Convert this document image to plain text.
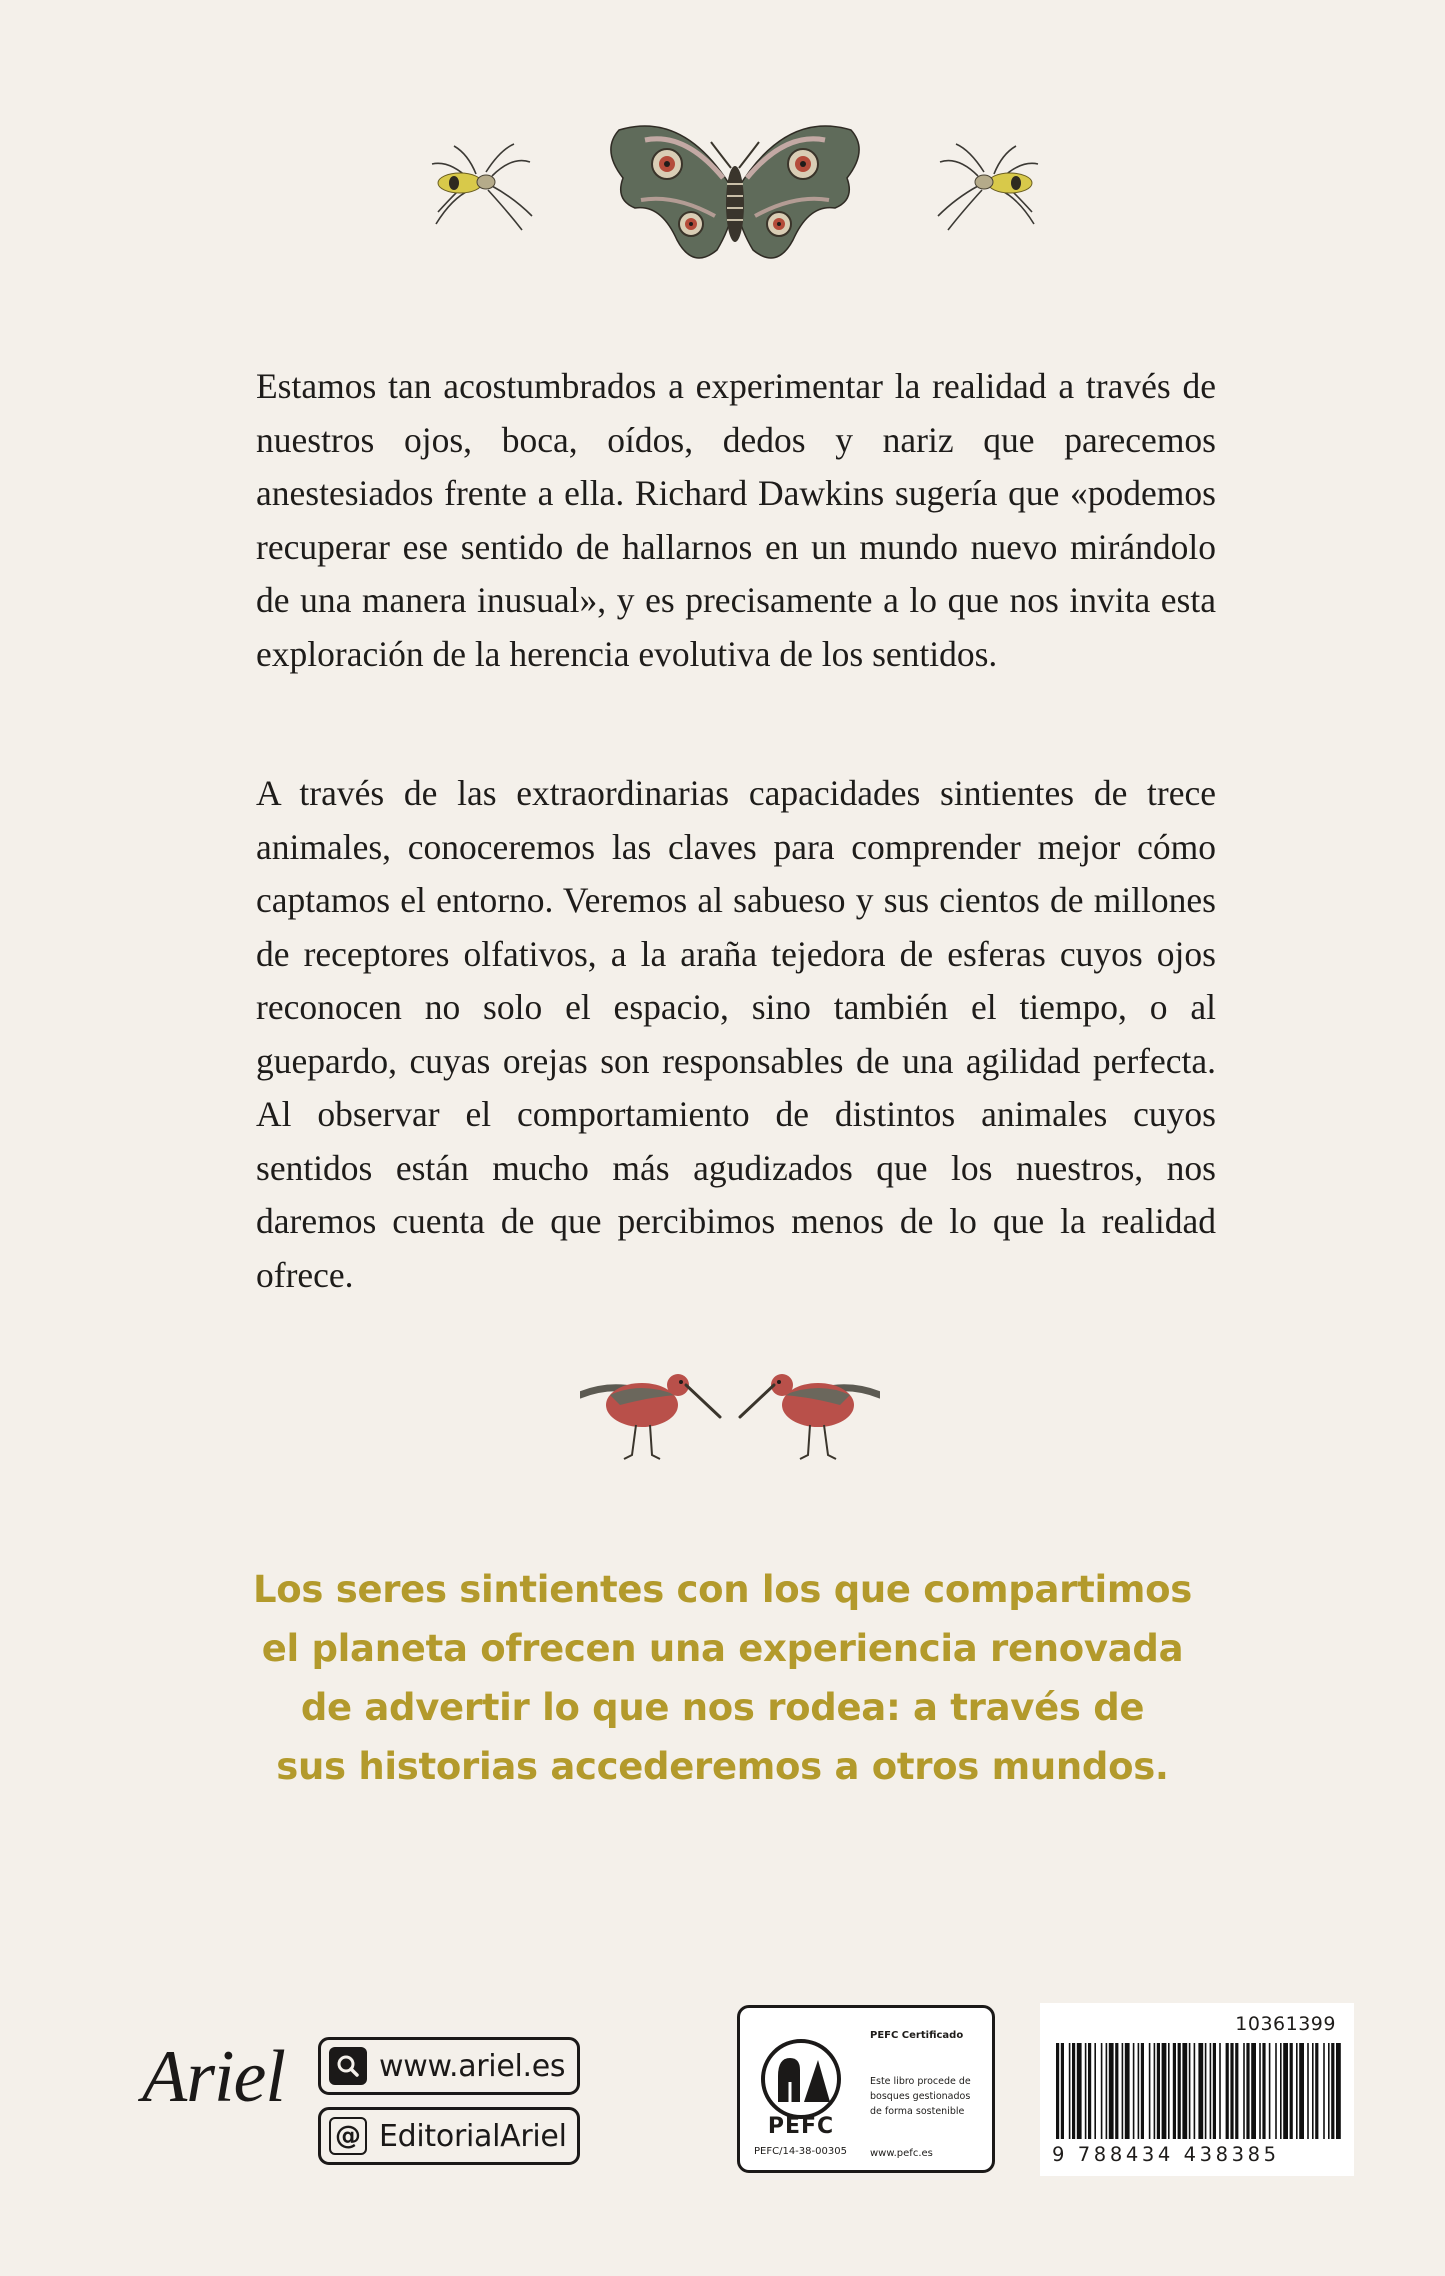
Estamos tan acostumbrados a experimentar la realidad a través de nuestros ojos, boca, oídos, dedos y nariz que parecemos anestesiados frente a ella. Richard Dawkins sugería que «podemos recuperar ese sentido de hallarnos en un mundo nuevo mirándolo de una manera inusual», y es precisamente a lo que nos invita esta exploración de la herencia evolutiva de los sentidos.

A través de las extraordinarias capacidades sintientes de trece animales, conoceremos las claves para comprender mejor cómo captamos el entorno. Veremos al sabueso y sus cientos de millones de receptores olfativos, a la araña tejedora de esferas cuyos ojos reconocen no solo el espacio, sino también el tiempo, o al guepardo, cuyas orejas son responsables de una agilidad perfecta. Al observar el comportamiento de distintos animales cuyos sentidos están mucho más agudizados que los nuestros, nos daremos cuenta de que percibimos menos de lo que la realidad ofrece.

Los seres sintientes con los que compartimos
el planeta ofrecen una experiencia renovada
de advertir lo que nos rodea: a través de
sus historias accederemos a otros mundos.
Ariel	www.ariel.es
@ EditorialAriel	PEFC
PEFC/14-38-00305
PEFC Certificado
Este libro procede de bosques gestionados de forma sostenible
www.pefc.es
10361399
9 788434 438385
